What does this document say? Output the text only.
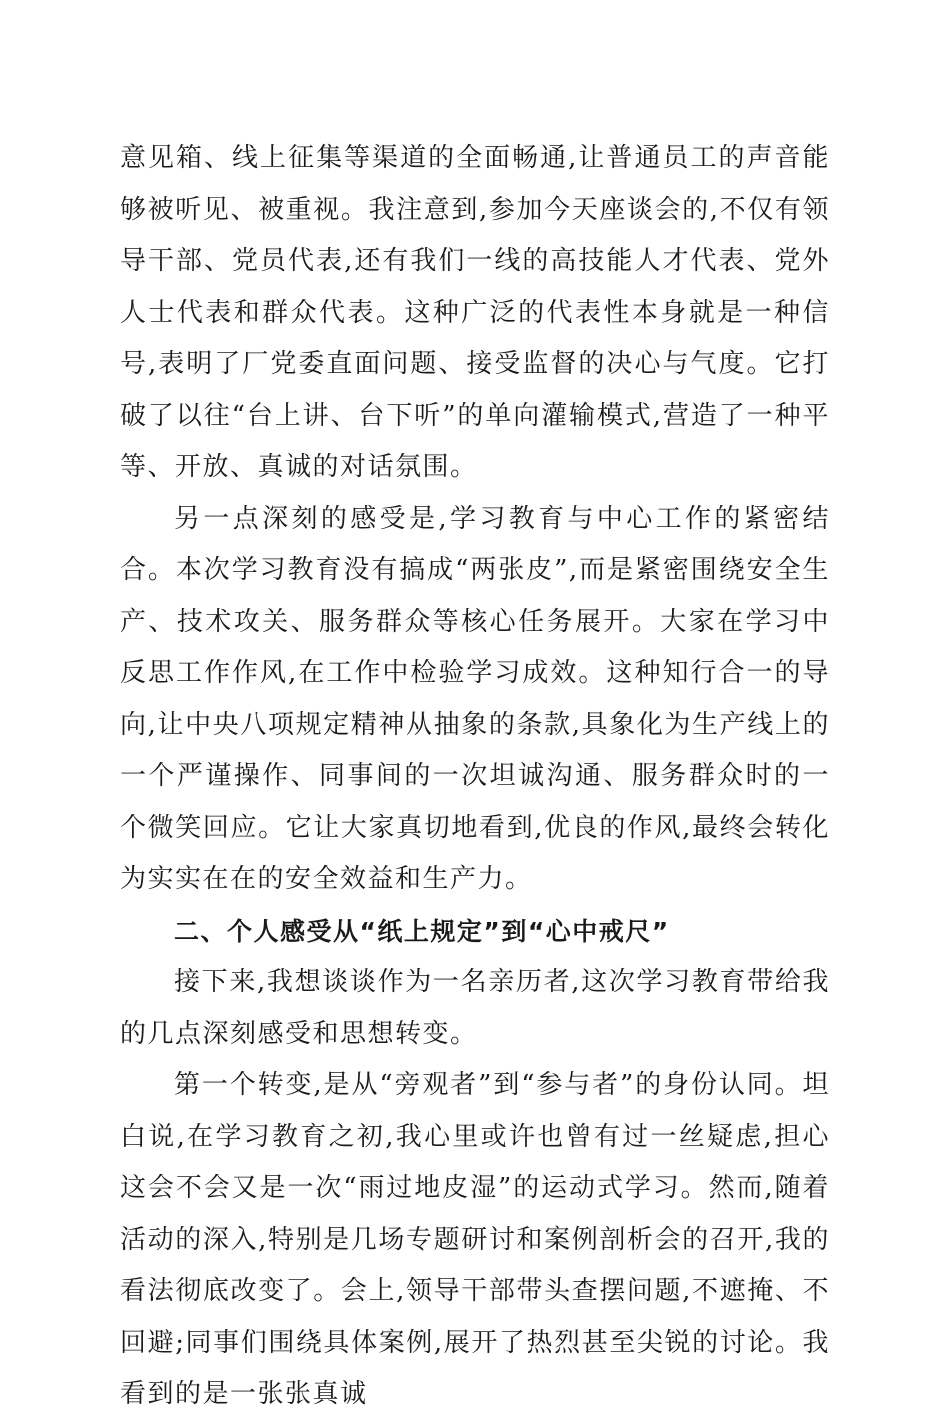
意见箱、线上征集等渠道的全面畅通,让普通员工的声音能够被听见、被重视。我注意到,参加今天座谈会的,不仅有领导干部、党员代表,还有我们一线的高技能人才代表、党外人士代表和群众代表。这种广泛的代表性本身就是一种信号,表明了厂党委直面问题、接受监督的决心与气度。它打破了以往“台上讲、台下听”的单向灌输模式,营造了一种平等、开放、真诚的对话氛围。

另一点深刻的感受是,学习教育与中心工作的紧密结合。本次学习教育没有搞成“两张皮”,而是紧密围绕安全生产、技术攻关、服务群众等核心任务展开。大家在学习中反思工作作风,在工作中检验学习成效。这种知行合一的导向,让中央八项规定精神从抽象的条款,具象化为生产线上的一个严谨操作、同事间的一次坦诚沟通、服务群众时的一个微笑回应。它让大家真切地看到,优良的作风,最终会转化为实实在在的安全效益和生产力。

二、个人感受从“纸上规定”到“心中戒尺”

接下来,我想谈谈作为一名亲历者,这次学习教育带给我的几点深刻感受和思想转变。

第一个转变,是从“旁观者”到“参与者”的身份认同。坦白说,在学习教育之初,我心里或许也曾有过一丝疑虑,担心这会不会又是一次“雨过地皮湿”的运动式学习。然而,随着活动的深入,特别是几场专题研讨和案例剖析会的召开,我的看法彻底改变了。会上,领导干部带头查摆问题,不遮掩、不回避;同事们围绕具体案例,展开了热烈甚至尖锐的讨论。我看到的是一张张真诚
